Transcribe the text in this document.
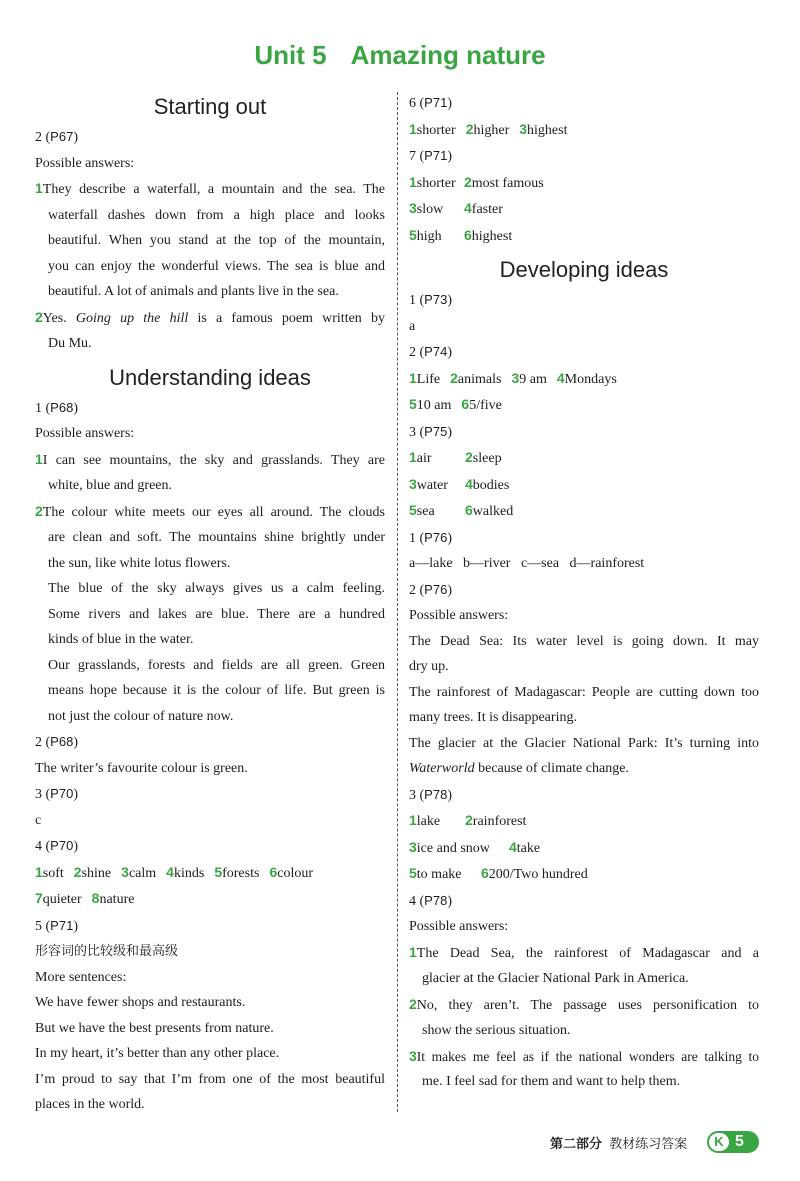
Unit 5 Amazing nature
Starting out
2 (P67)
Possible answers:
1They describe a waterfall, a mountain and the sea. The
waterfall dashes down from a high place and looks
beautiful. When you stand at the top of the mountain,
you can enjoy the wonderful views. The sea is blue and
beautiful. A lot of animals and plants live in the sea.
2Yes. Going up the hill is a famous poem written by
Du Mu.
Understanding ideas
1 (P68)
Possible answers:
1I can see mountains, the sky and grasslands. They are
white, blue and green.
2The colour white meets our eyes all around. The clouds
are clean and soft. The mountains shine brightly under
the sun, like white lotus flowers.
The blue of the sky always gives us a calm feeling.
Some rivers and lakes are blue. There are a hundred
kinds of blue in the water.
Our grasslands, forests and fields are all green. Green
means hope because it is the colour of life. But green is
not just the colour of nature now.
2 (P68)
The writer’s favourite colour is green.
3 (P70)
c
4 (P70)
1soft 2shine 3calm 4kinds 5forests 6colour
7quieter 8nature
5 (P71)
形容词的比较级和最高级
More sentences:
We have fewer shops and restaurants.
But we have the best presents from nature.
In my heart, it’s better than any other place.
I’m proud to say that I’m from one of the most beautiful
places in the world.
6 (P71)
1shorter 2higher 3highest
7 (P71)
1shorter 2most famous
3slow 4faster
5high 6highest
Developing ideas
1 (P73)
a
2 (P74)
1Life 2animals 39 am 4Mondays
510 am 65/five
3 (P75)
1air 2sleep
3water 4bodies
5sea 6walked
1 (P76)
a—lake   b—river   c—sea   d—rainforest
2 (P76)
Possible answers:
The Dead Sea: Its water level is going down. It may
dry up.
The rainforest of Madagascar: People are cutting down too
many trees. It is disappearing.
The glacier at the Glacier National Park: It’s turning into
Waterworld because of climate change.
3 (P78)
1lake 2rainforest
3ice and snow 4take
5to make 6200/Two hundred
4 (P78)
Possible answers:
1The Dead Sea, the rainforest of Madagascar and a
glacier at the Glacier National Park in America.
2No, they aren’t. The passage uses personification to
show the serious situation.
3It makes me feel as if the national wonders are talking to
me. I feel sad for them and want to help them.
第二部分 教材练习答案	K 5
